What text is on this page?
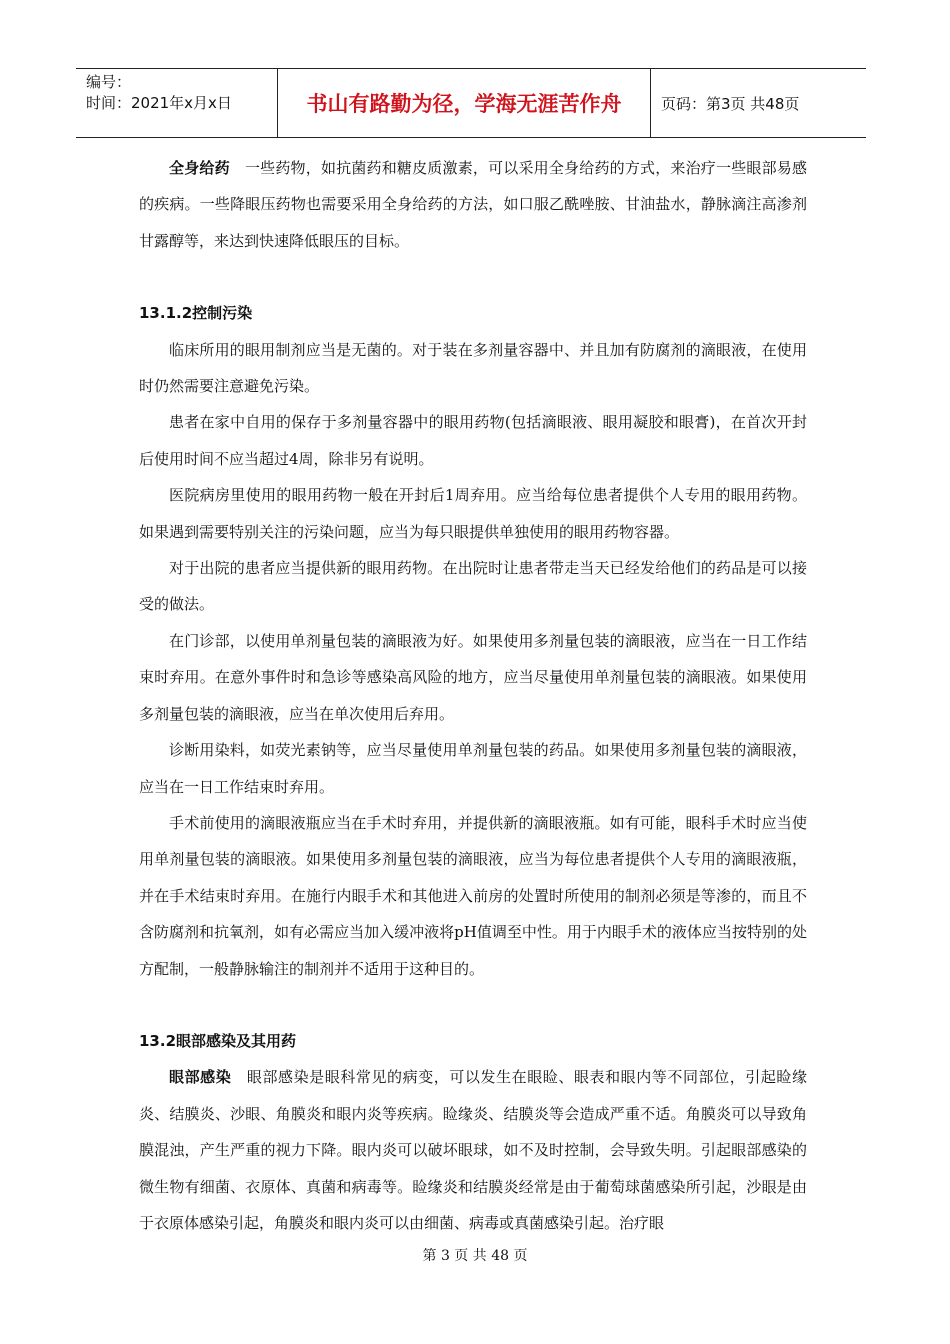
编号：
时间：2021年x月x日	书山有路勤为径，学海无涯苦作舟	页码：第3页 共48页

全身给药　一些药物，如抗菌药和糖皮质激素，可以采用全身给药的方式，来治疗一些眼部易感的疾病。一些降眼压药物也需要采用全身给药的方法，如口服乙酰唑胺、甘油盐水，静脉滴注高渗剂甘露醇等，来达到快速降低眼压的目标。

13.1.2控制污染

临床所用的眼用制剂应当是无菌的。对于装在多剂量容器中、并且加有防腐剂的滴眼液，在使用时仍然需要注意避免污染。

患者在家中自用的保存于多剂量容器中的眼用药物(包括滴眼液、眼用凝胶和眼膏)，在首次开封后使用时间不应当超过4周，除非另有说明。

医院病房里使用的眼用药物一般在开封后1周弃用。应当给每位患者提供个人专用的眼用药物。如果遇到需要特别关注的污染问题，应当为每只眼提供单独使用的眼用药物容器。

对于出院的患者应当提供新的眼用药物。在出院时让患者带走当天已经发给他们的药品是可以接受的做法。

在门诊部，以使用单剂量包装的滴眼液为好。如果使用多剂量包装的滴眼液，应当在一日工作结束时弃用。在意外事件时和急诊等感染高风险的地方，应当尽量使用单剂量包装的滴眼液。如果使用多剂量包装的滴眼液，应当在单次使用后弃用。

诊断用染料，如荧光素钠等，应当尽量使用单剂量包装的药品。如果使用多剂量包装的滴眼液，应当在一日工作结束时弃用。

手术前使用的滴眼液瓶应当在手术时弃用，并提供新的滴眼液瓶。如有可能，眼科手术时应当使用单剂量包装的滴眼液。如果使用多剂量包装的滴眼液，应当为每位患者提供个人专用的滴眼液瓶，并在手术结束时弃用。在施行内眼手术和其他进入前房的处置时所使用的制剂必须是等渗的，而且不含防腐剂和抗氧剂，如有必需应当加入缓冲液将pH值调至中性。用于内眼手术的液体应当按特别的处方配制，一般静脉输注的制剂并不适用于这种目的。

13.2眼部感染及其用药

眼部感染　眼部感染是眼科常见的病变，可以发生在眼睑、眼表和眼内等不同部位，引起睑缘炎、结膜炎、沙眼、角膜炎和眼内炎等疾病。睑缘炎、结膜炎等会造成严重不适。角膜炎可以导致角膜混浊，产生严重的视力下降。眼内炎可以破坏眼球，如不及时控制，会导致失明。引起眼部感染的微生物有细菌、衣原体、真菌和病毒等。睑缘炎和结膜炎经常是由于葡萄球菌感染所引起，沙眼是由于衣原体感染引起，角膜炎和眼内炎可以由细菌、病毒或真菌感染引起。治疗眼

第 3 页 共 48 页
